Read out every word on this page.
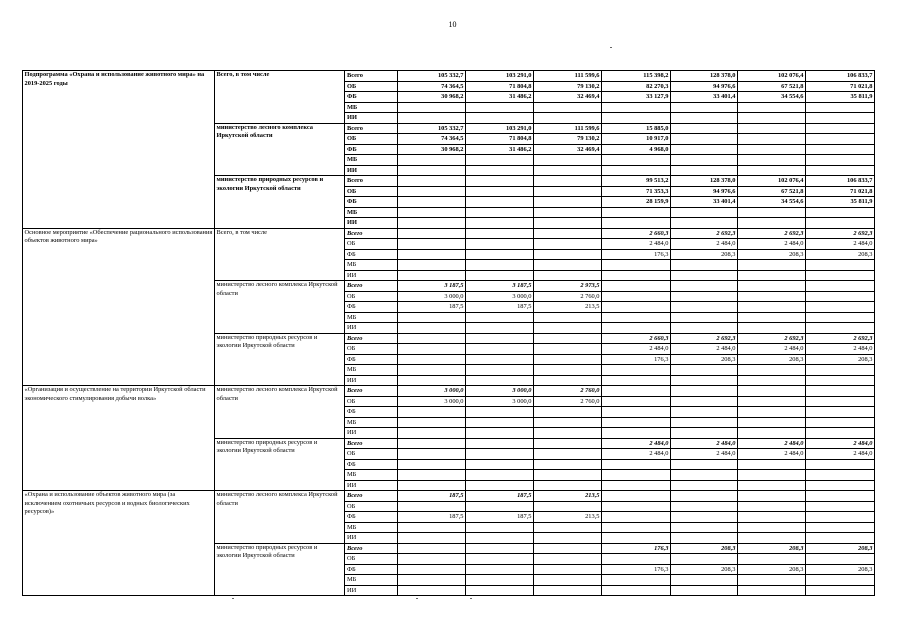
10
Подпрограмма «Охрана и использование животного мира» на 2019-2025 годы	Всего, в том числе	Всего	105 332,7	103 291,0	111 599,6	115 398,2	128 378,0	102 076,4	106 833,7
		ОБ	74 364,5	71 804,8	79 130,2	82 270,3	94 976,6	67 521,8	71 021,8
		ФБ	30 968,2	31 486,2	32 469,4	33 127,9	33 401,4	34 554,6	35 811,9
		МБ							
		ИИ							
	министерство лесного комплекса Иркутской области	Всего	105 332,7	103 291,0	111 599,6	15 885,0			
		ОБ	74 364,5	71 804,8	79 130,2	10 917,0			
		ФБ	30 968,2	31 486,2	32 469,4	4 968,0			
		МБ							
		ИИ							
	министерство природных ресурсов и экологии Иркутской области	Всего				99 513,2	128 378,0	102 076,4	106 833,7
		ОБ				71 353,3	94 976,6	67 521,8	71 021,8
		ФБ				28 159,9	33 401,4	34 554,6	35 811,9
		МБ							
		ИИ							
Основное мероприятие «Обеспечение рационального использования объектов животного мира»	Всего, в том числе	Всего				2 660,3	2 692,3	2 692,3	2 692,3
		ОБ				2 484,0	2 484,0	2 484,0	2 484,0
		ФБ				176,3	208,3	208,3	208,3
		МБ							
		ИИ							
	министерство лесного комплекса Иркутской области	Всего	3 187,5	3 187,5	2 973,5				
		ОБ	3 000,0	3 000,0	2 760,0				
		ФБ	187,5	187,5	213,5				
		МБ							
		ИИ							
	министерство природных ресурсов и экологии Иркутской области	Всего				2 660,3	2 692,3	2 692,3	2 692,3
		ОБ				2 484,0	2 484,0	2 484,0	2 484,0
		ФБ				176,3	208,3	208,3	208,3
		МБ							
		ИИ							
«Организация и осуществление на территории Иркутской области экономического стимулирования добычи волка»	министерство лесного комплекса Иркутской области	Всего	3 000,0	3 000,0	2 760,0				
		ОБ	3 000,0	3 000,0	2 760,0				
		ФБ							
		МБ							
		ИИ							
	министерство природных ресурсов и экологии Иркутской области	Всего				2 484,0	2 484,0	2 484,0	2 484,0
		ОБ				2 484,0	2 484,0	2 484,0	2 484,0
		ФБ							
		МБ							
		ИИ							
«Охрана и использование объектов животного мира (за исключением охотничьих ресурсов и водных биологических ресурсов)»	министерство лесного комплекса Иркутской области	Всего	187,5	187,5	213,5				
		ОБ							
		ФБ	187,5	187,5	213,5				
		МБ							
		ИИ							
	министерство природных ресурсов и экологии Иркутской области	Всего				176,3	208,3	208,3	208,3
		ОБ							
		ФБ				176,3	208,3	208,3	208,3
		МБ							
		ИИ							
